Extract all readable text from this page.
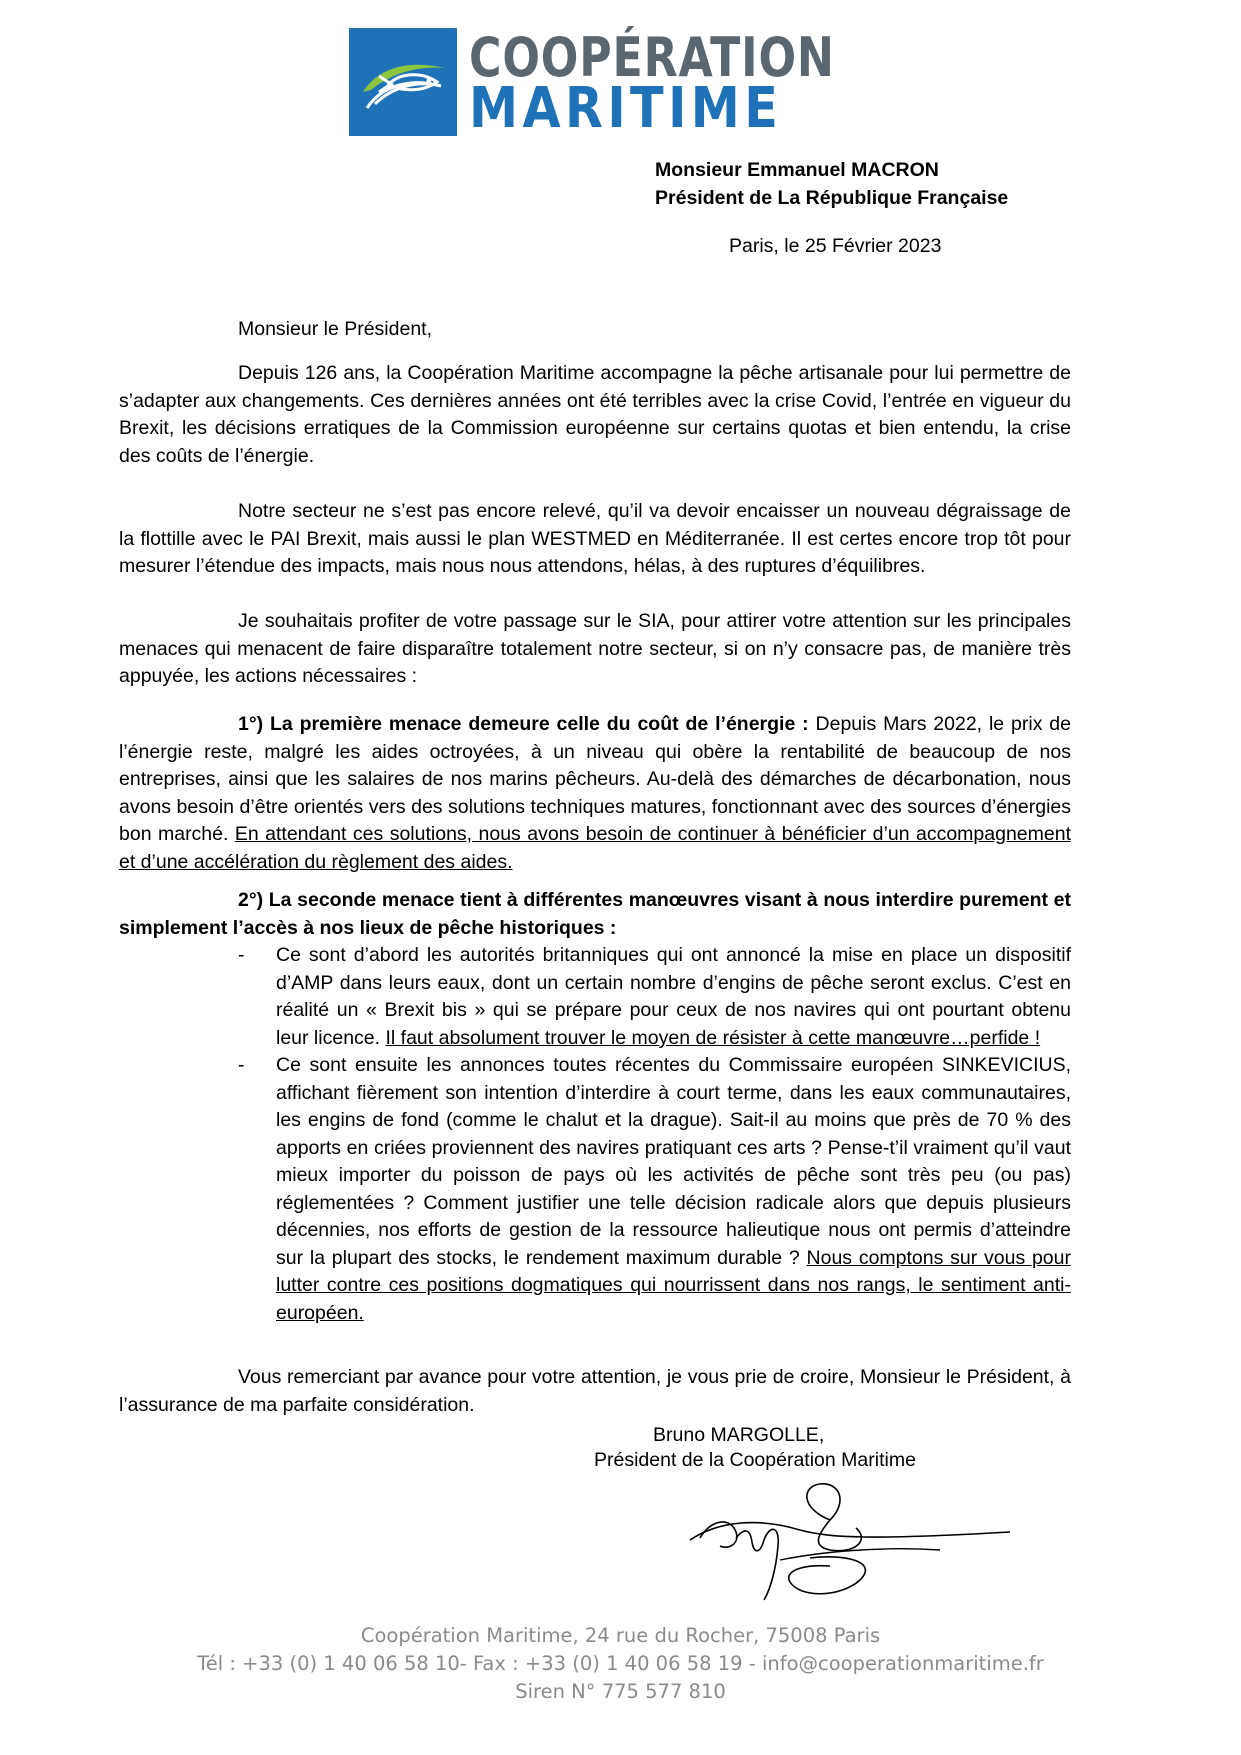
COOPÉRATION
MARITIME
Monsieur Emmanuel MACRON
Président de La République Française
Paris, le 25 Février 2023
Monsieur le Président,

Depuis 126 ans, la Coopération Maritime accompagne la pêche artisanale pour lui permettre de s’adapter aux changements. Ces dernières années ont été terribles avec la crise Covid, l’entrée en vigueur du Brexit, les décisions erratiques de la Commission européenne sur certains quotas et bien entendu, la crise des coûts de l’énergie.

Notre secteur ne s’est pas encore relevé, qu’il va devoir encaisser un nouveau dégraissage de la flottille avec le PAI Brexit, mais aussi le plan WESTMED en Méditerranée. Il est certes encore trop tôt pour mesurer l’étendue des impacts, mais nous nous attendons, hélas, à des ruptures d’équilibres.

Je souhaitais profiter de votre passage sur le SIA, pour attirer votre attention sur les principales menaces qui menacent de faire disparaître totalement notre secteur, si on n’y consacre pas, de manière très appuyée, les actions nécessaires :

1°) La première menace demeure celle du coût de l’énergie : Depuis Mars 2022, le prix de l’énergie reste, malgré les aides octroyées, à un niveau qui obère la rentabilité de beaucoup de nos entreprises, ainsi que les salaires de nos marins pêcheurs. Au-delà des démarches de décarbonation, nous avons besoin d’être orientés vers des solutions techniques matures, fonctionnant avec des sources d’énergies bon marché. En attendant ces solutions, nous avons besoin de continuer à bénéficier d’un accompagnement et d’une accélération du règlement des aides.

2°) La seconde menace tient à différentes manœuvres visant à nous interdire purement et simplement l’accès à nos lieux de pêche historiques :

- Ce sont d’abord les autorités britanniques qui ont annoncé la mise en place un dispositif d’AMP dans leurs eaux, dont un certain nombre d’engins de pêche seront exclus. C’est en réalité un « Brexit bis » qui se prépare pour ceux de nos navires qui ont pourtant obtenu leur licence. Il faut absolument trouver le moyen de résister à cette manœuvre…perfide !

- Ce sont ensuite les annonces toutes récentes du Commissaire européen SINKEVICIUS, affichant fièrement son intention d’interdire à court terme, dans les eaux communautaires, les engins de fond (comme le chalut et la drague). Sait-il au moins que près de 70 % des apports en criées proviennent des navires pratiquant ces arts ? Pense-t’il vraiment qu’il vaut mieux importer du poisson de pays où les activités de pêche sont très peu (ou pas) réglementées ? Comment justifier une telle décision radicale alors que depuis plusieurs décennies, nos efforts de gestion de la ressource halieutique nous ont permis d’atteindre sur la plupart des stocks, le rendement maximum durable ? Nous comptons sur vous pour lutter contre ces positions dogmatiques qui nourrissent dans nos rangs, le sentiment anti-européen.

Vous remerciant par avance pour votre attention, je vous prie de croire, Monsieur le Président, à l’assurance de ma parfaite considération.

Bruno MARGOLLE,
Président de la Coopération Maritime
Coopération Maritime, 24 rue du Rocher, 75008 Paris
Tél : +33 (0) 1 40 06 58 10- Fax : +33 (0) 1 40 06 58 19 - info@cooperationmaritime.fr
Siren N° 775 577 810
